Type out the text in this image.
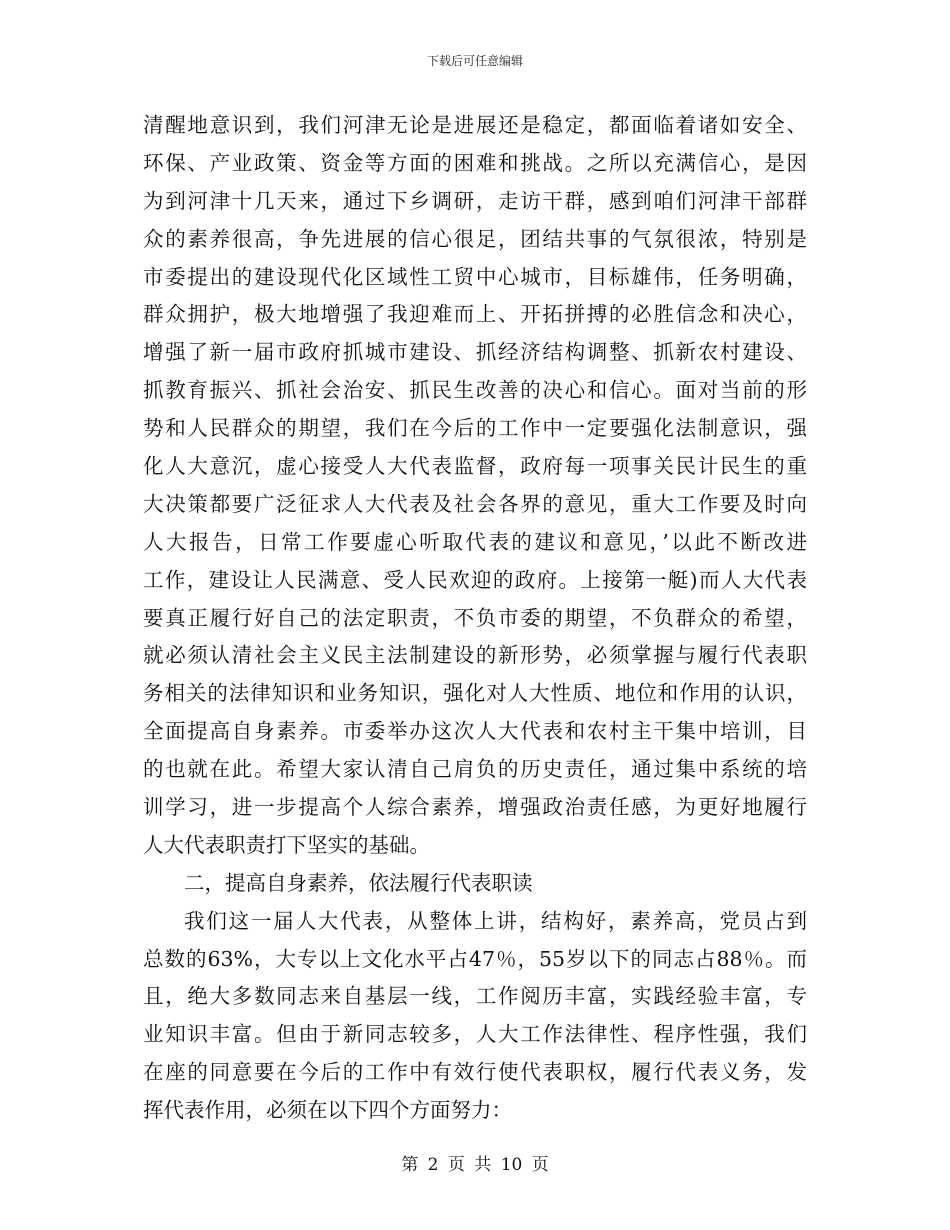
下载后可任意编辑
清醒地意识到，我们河津无论是进展还是稳定，都面临着诸如安全、
环保、产业政策、资金等方面的困难和挑战。之所以充满信心，是因
为到河津十几天来，通过下乡调研，走访干群，感到咱们河津干部群
众的素养很高，争先进展的信心很足，团结共事的气氛很浓，特别是
市委提出的建设现代化区域性工贸中心城市，目标雄伟，任务明确，
群众拥护，极大地增强了我迎难而上、开拓拼搏的必胜信念和决心，
增强了新一届市政府抓城市建设、抓经济结构调整、抓新农村建设、
抓教育振兴、抓社会治安、抓民生改善的决心和信心。面对当前的形
势和人民群众的期望，我们在今后的工作中一定要强化法制意识，强
化人大意沉，虚心接受人大代表监督，政府每一项事关民计民生的重
大决策都要广泛征求人大代表及社会各界的意见，重大工作要及时向
人大报告，日常工作要虚心听取代表的建议和意见，’以此不断改进
工作，建设让人民满意、受人民欢迎的政府。上接第一艇)而人大代表
要真正履行好自己的法定职责，不负市委的期望，不负群众的希望，
就必须认清社会主义民主法制建设的新形势，必须掌握与履行代表职
务相关的法律知识和业务知识，强化对人大性质、地位和作用的认识，
全面提高自身素养。市委举办这次人大代表和农村主干集中培训，目
的也就在此。希望大家认清自己肩负的历史责任，通过集中系统的培
训学习，进一步提高个人综合素养，增强政治责任感，为更好地履行
人大代表职责打下坚实的基础。
二，提高自身素养，依法履行代表职读
我们这一届人大代表，从整体上讲，结构好，素养高，党员占到
总数的63%，大专以上文化水平占47％，55岁以下的同志占88％。而
且，绝大多数同志来自基层一线，工作阅历丰富，实践经验丰富，专
业知识丰富。但由于新同志较多，人大工作法律性、程序性强，我们
在座的同意要在今后的工作中有效行使代表职权，履行代表义务，发
挥代表作用，必须在以下四个方面努力：
第 2 页 共 10 页
